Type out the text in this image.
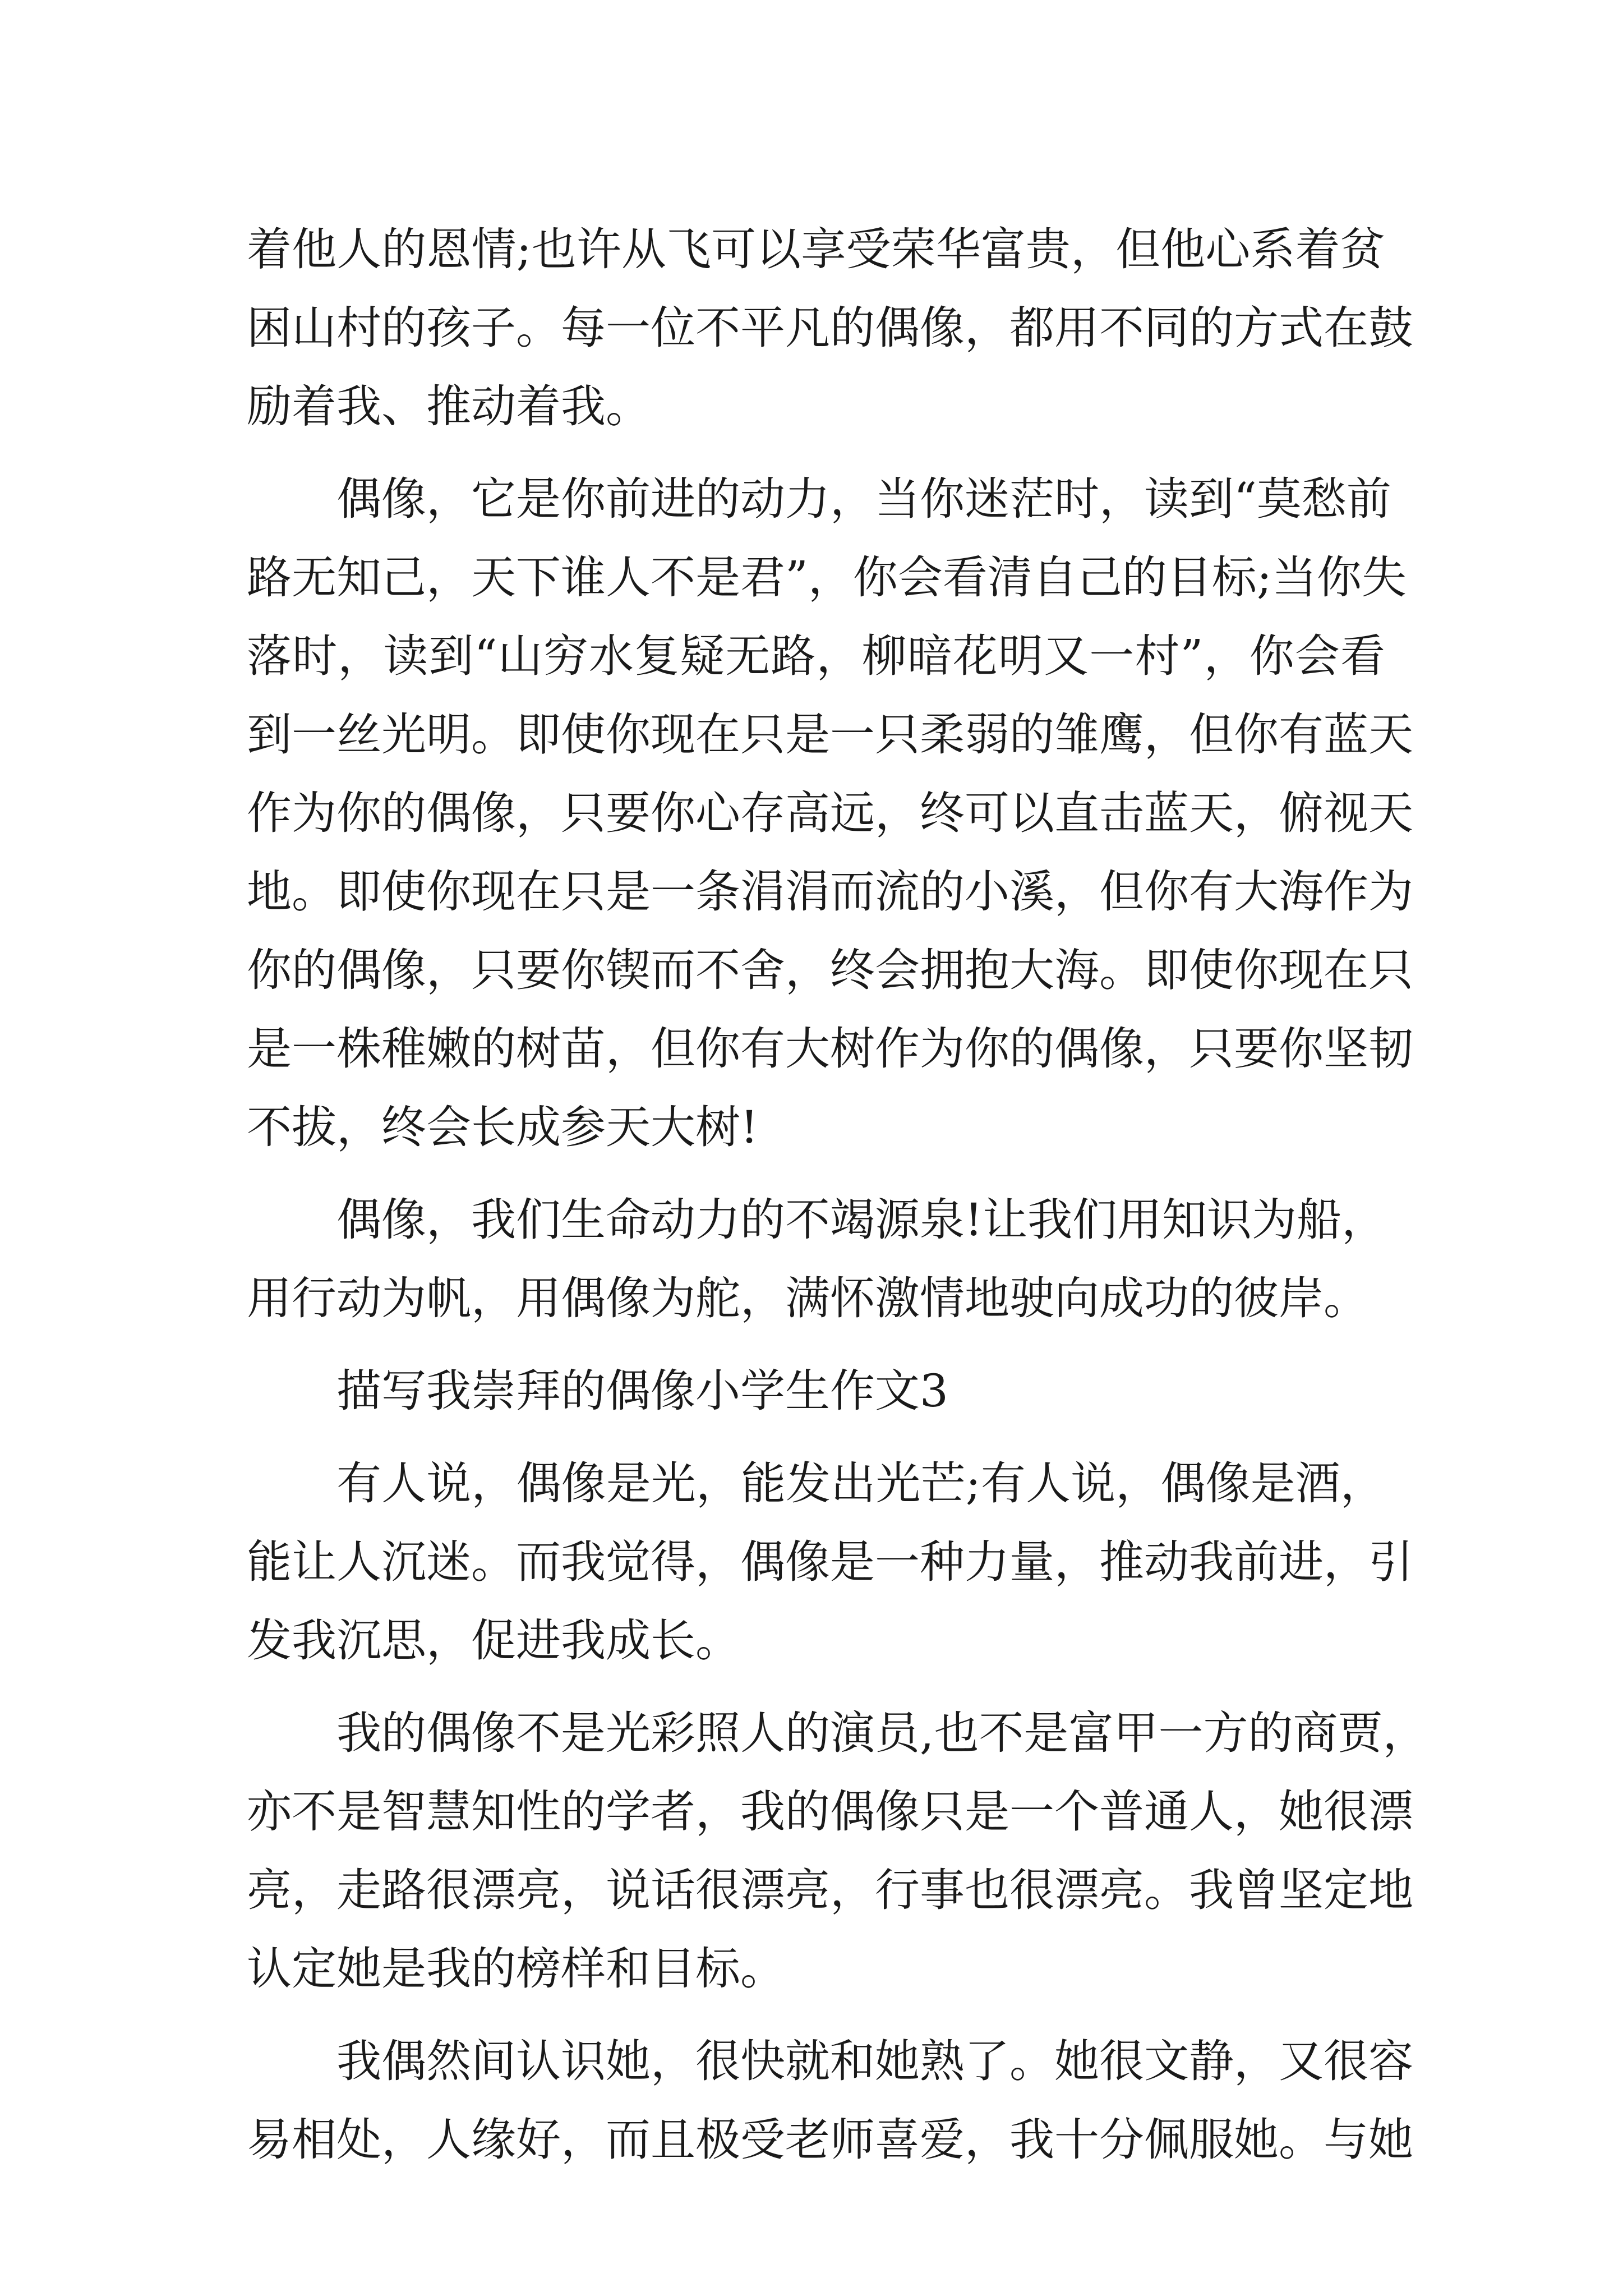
着 他 人 的 恩 情 ; 也 许 从 飞 可 以 享 受 荣 华 富 贵 ， 但 他 心 系 着 贫
困 山 村 的 孩 子 。 每 一 位 不 平 凡 的 偶 像 ， 都 用 不 同 的 方 式 在 鼓
励着我、推动着我。
偶 像 ， 它 是 你 前 进 的 动 力 ， 当 你 迷 茫 时 ， 读 到 “ 莫 愁 前
路 无 知 己 ， 天 下 谁 人 不 是 君 ” ， 你 会 看 清 自 己 的 目 标 ; 当 你 失
落 时 ， 读 到 “ 山 穷 水 复 疑 无 路 ， 柳 暗 花 明 又 一 村 ” ， 你 会 看
到 一 丝 光 明 。 即 使 你 现 在 只 是 一 只 柔 弱 的 雏 鹰 ， 但 你 有 蓝 天
作 为 你 的 偶 像 ， 只 要 你 心 存 高 远 ， 终 可 以 直 击 蓝 天 ， 俯 视 天
地 。 即 使 你 现 在 只 是 一 条 涓 涓 而 流 的 小 溪 ， 但 你 有 大 海 作 为
你 的 偶 像 ， 只 要 你 锲 而 不 舍 ， 终 会 拥 抱 大 海 。 即 使 你 现 在 只
是 一 株 稚 嫩 的 树 苗 ， 但 你 有 大 树 作 为 你 的 偶 像 ， 只 要 你 坚 韧
不拔，终会长成参天大树!
偶 像 ， 我 们 生 命 动 力 的 不 竭 源 泉 ! 让 我 们 用 知 识 为 船 ，
用行动为帆，用偶像为舵，满怀激情地驶向成功的彼岸。
描写我崇拜的偶像小学生作文3
有 人 说 ， 偶 像 是 光 ， 能 发 出 光 芒 ; 有 人 说 ， 偶 像 是 酒 ，
能 让 人 沉 迷 。 而 我 觉 得 ， 偶 像 是 一 种 力 量 ， 推 动 我 前 进 ， 引
发我沉思，促进我成长。
我 的 偶 像 不 是 光 彩 照 人 的 演 员 , 也 不 是 富 甲 一 方 的 商 贾 ，
亦 不 是 智 慧 知 性 的 学 者 ， 我 的 偶 像 只 是 一 个 普 通 人 ， 她 很 漂
亮 ， 走 路 很 漂 亮 ， 说 话 很 漂 亮 ， 行 事 也 很 漂 亮 。 我 曾 坚 定 地
认定她是我的榜样和目标。
我 偶 然 间 认 识 她 ， 很 快 就 和 她 熟 了 。 她 很 文 静 ， 又 很 容
易 相 处 ， 人 缘 好 ， 而 且 极 受 老 师 喜 爱 ， 我 十 分 佩 服 她 。 与 她
